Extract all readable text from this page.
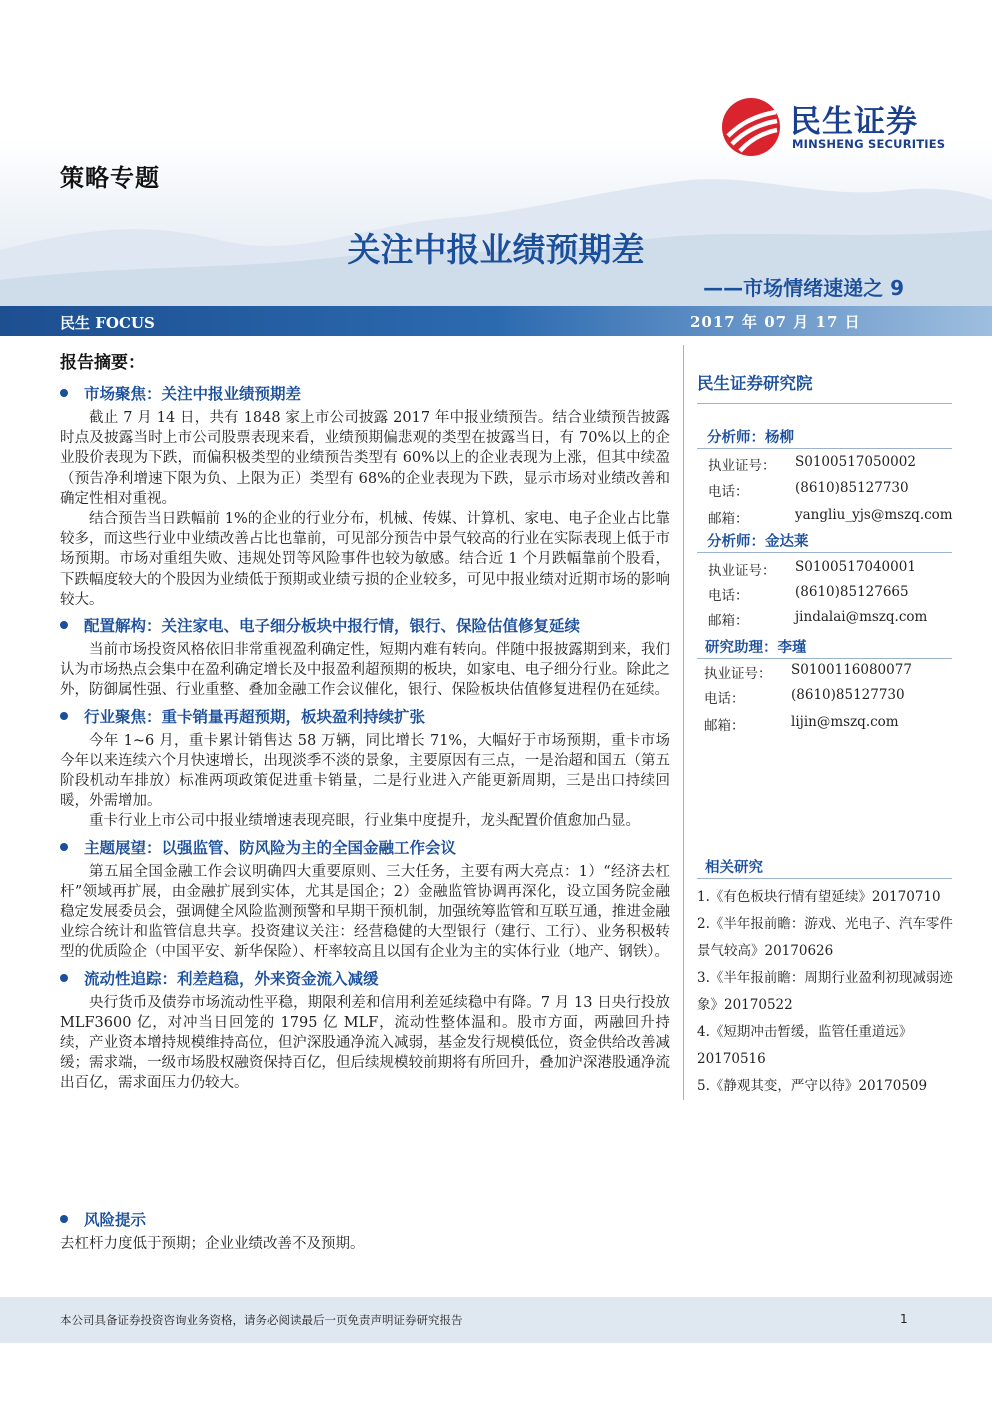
民生证券
MINSHENG SECURITIES
策略专题
关注中报业绩预期差
——市场情绪速递之 9
民生 FOCUS	2017 年 07 月 17 日
报告摘要：
市场聚焦：关注中报业绩预期差

截止 7 月 14 日，共有 1848 家上市公司披露 2017 年中报业绩预告。结合业绩预告披露时点及披露当时上市公司股票表现来看，业绩预期偏悲观的类型在披露当日，有 70%以上的企业股价表现为下跌，而偏积极类型的业绩预告类型有 60%以上的企业表现为上涨，但其中续盈（预告净利增速下限为负、上限为正）类型有 68%的企业表现为下跌，显示市场对业绩改善和确定性相对重视。

结合预告当日跌幅前 1%的企业的行业分布，机械、传媒、计算机、家电、电子企业占比靠较多，而这些行业中业绩改善占比也靠前，可见部分预告中景气较高的行业在实际表现上低于市场预期。市场对重组失败、违规处罚等风险事件也较为敏感。结合近 1 个月跌幅靠前个股看，下跌幅度较大的个股因为业绩低于预期或业绩亏损的企业较多，可见中报业绩对近期市场的影响较大。

配置解构：关注家电、电子细分板块中报行情，银行、保险估值修复延续

当前市场投资风格依旧非常重视盈利确定性，短期内难有转向。伴随中报披露期到来，我们认为市场热点会集中在盈利确定增长及中报盈利超预期的板块，如家电、电子细分行业。除此之外，防御属性强、行业重整、叠加金融工作会议催化，银行、保险板块估值修复进程仍在延续。

行业聚焦：重卡销量再超预期，板块盈利持续扩张

今年 1~6 月，重卡累计销售达 58 万辆，同比增长 71%，大幅好于市场预期，重卡市场今年以来连续六个月快速增长，出现淡季不淡的景象，主要原因有三点，一是治超和国五（第五阶段机动车排放）标准两项政策促进重卡销量，二是行业进入产能更新周期，三是出口持续回暖，外需增加。

重卡行业上市公司中报业绩增速表现亮眼，行业集中度提升，龙头配置价值愈加凸显。

主题展望：以强监管、防风险为主的全国金融工作会议

第五届全国金融工作会议明确四大重要原则、三大任务，主要有两大亮点：1）“经济去杠杆”领域再扩展，由金融扩展到实体，尤其是国企；2）金融监管协调再深化，设立国务院金融稳定发展委员会，强调健全风险监测预警和早期干预机制，加强统筹监管和互联互通，推进金融业综合统计和监管信息共享。投资建议关注：经营稳健的大型银行（建行、工行）、业务积极转型的优质险企（中国平安、新华保险）、杆率较高且以国有企业为主的实体行业（地产、钢铁）。

流动性追踪：利差趋稳，外来资金流入减缓

央行货币及债券市场流动性平稳，期限利差和信用利差延续稳中有降。7 月 13 日央行投放 MLF3600 亿，对冲当日回笼的 1795 亿 MLF，流动性整体温和。股市方面，两融回升持续，产业资本增持规模维持高位，但沪深股通净流入减弱，基金发行规模低位，资金供给改善减缓；需求端，一级市场股权融资保持百亿，但后续规模较前期将有所回升，叠加沪深港股通净流出百亿，需求面压力仍较大。

风险提示

去杠杆力度低于预期；企业业绩改善不及预期。

民生证券研究院
分析师：杨柳
执业证号： S0100517050002
电话：	(8610)85127730
邮箱：	yangliu_yjs@mszq.com
分析师：金达莱
执业证号： S0100517040001
电话：	(8610)85127665
邮箱：	jindalai@mszq.com
研究助理：李瑾
执业证号： S0100116080077
电话：	(8610)85127730
邮箱：	lijin@mszq.com
相关研究
1.《有色板块行情有望延续》20170710
2.《半年报前瞻：游戏、光电子、汽车零件景气较高》20170626
3.《半年报前瞻：周期行业盈利初现减弱迹象》20170522
4.《短期冲击暂缓，监管任重道远》20170516
5.《静观其变，严守以待》20170509
本公司具备证券投资咨询业务资格，请务必阅读最后一页免责声明证券研究报告	1
